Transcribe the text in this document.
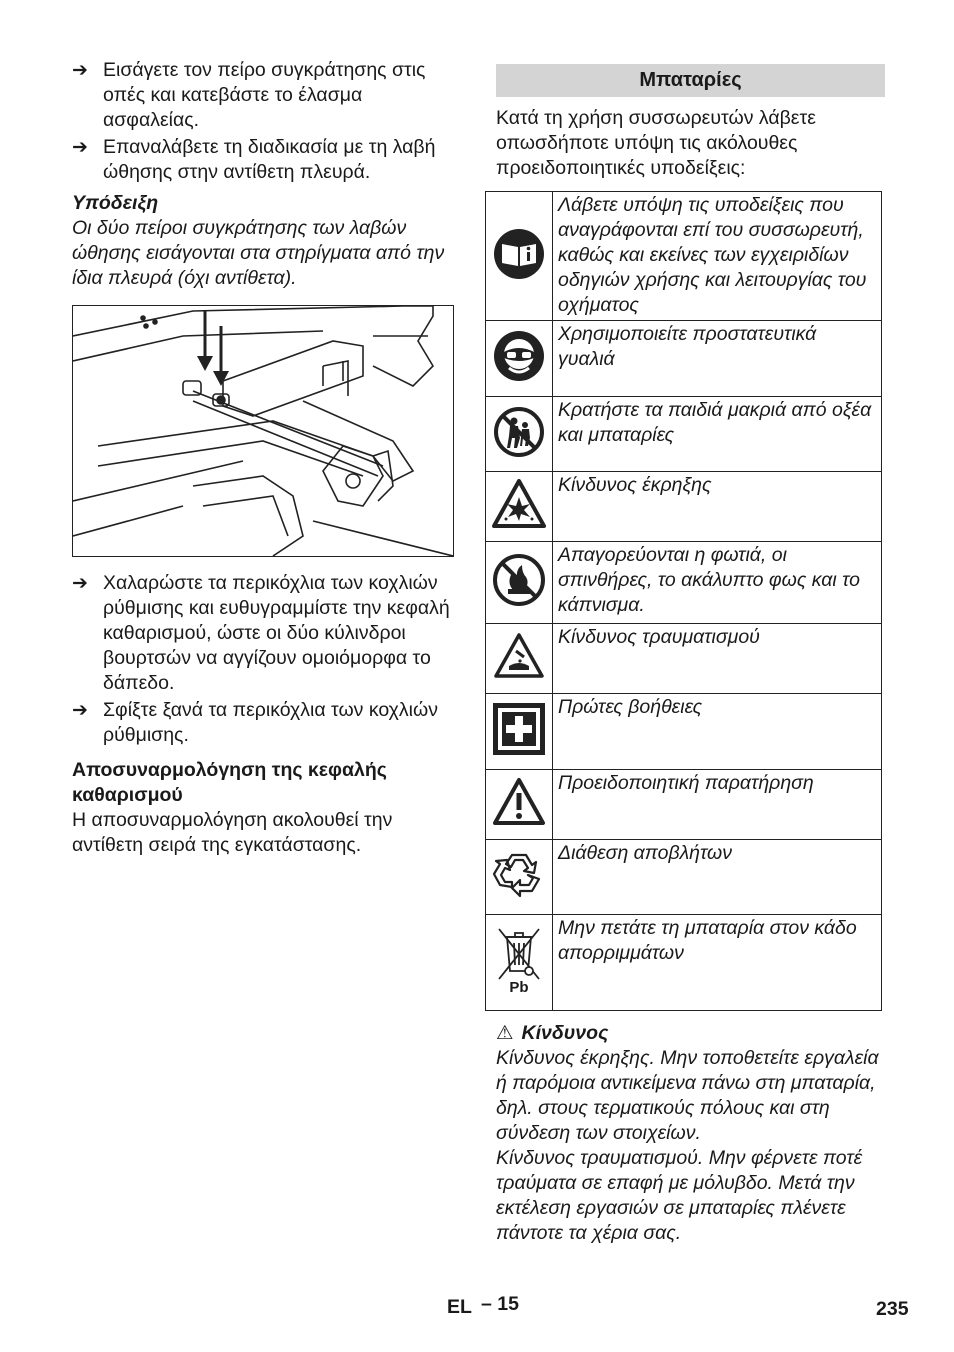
➔ Εισάγετε τον πείρο συγκράτησης στις οπές και κατεβάστε το έλασμα ασφαλείας.
➔ Επαναλάβετε τη διαδικασία με τη λαβή ώθησης στην αντίθετη πλευρά.
Υπόδειξη
Οι δύο πείροι συγκράτησης των λαβών ώθησης εισάγονται στα στηρίγματα από την ίδια πλευρά (όχι αντίθετα).
➔ Χαλαρώστε τα περικόχλια των κοχλιών ρύθμισης και ευθυγραμμίστε την κεφαλή καθαρισμού, ώστε οι δύο κύλινδροι βουρτσών να αγγίζουν ομοιόμορφα το δάπεδο.
➔ Σφίξτε ξανά τα περικόχλια των κοχλιών ρύθμισης.
Αποσυναρμολόγηση της κεφαλής καθαρισμού
Η αποσυναρμολόγηση ακολουθεί την αντίθετη σειρά της εγκατάστασης.
Μπαταρίες
Κατά τη χρήση συσσωρευτών λάβετε οπωσδήποτε υπόψη τις ακόλουθες προειδοποιητικές υποδείξεις:
	Λάβετε υπόψη τις υποδείξεις που αναγράφονται επί του συσσωρευτή, καθώς και εκείνες των εγχειριδίων οδηγιών χρήσης και λειτουργίας του οχήματος
	Χρησιμοποιείτε προστατευτικά γυαλιά
	Κρατήστε τα παιδιά μακριά από οξέα και μπαταρίες
	Κίνδυνος έκρηξης
	Απαγορεύονται η φωτιά, οι σπινθήρες, το ακάλυπτο φως και το κάπνισμα.
	Κίνδυνος τραυματισμού
	Πρώτες βοήθειες
	Προειδοποιητική παρατήρηση
	Διάθεση αποβλήτων

Pb	Μην πετάτε τη μπαταρία στον κάδο απορριμμάτων
⚠ Κίνδυνος
Κίνδυνος έκρηξης. Μην τοποθετείτε εργαλεία ή παρόμοια αντικείμενα πάνω στη μπαταρία, δηλ. στους τερματικούς πόλους και στη σύνδεση των στοιχείων.
Κίνδυνος τραυματισμού. Μην φέρνετε ποτέ τραύματα σε επαφή με μόλυβδο. Μετά την εκτέλεση εργασιών σε μπαταρίες πλένετε πάντοτε τα χέρια σας.
EL – 15	235
